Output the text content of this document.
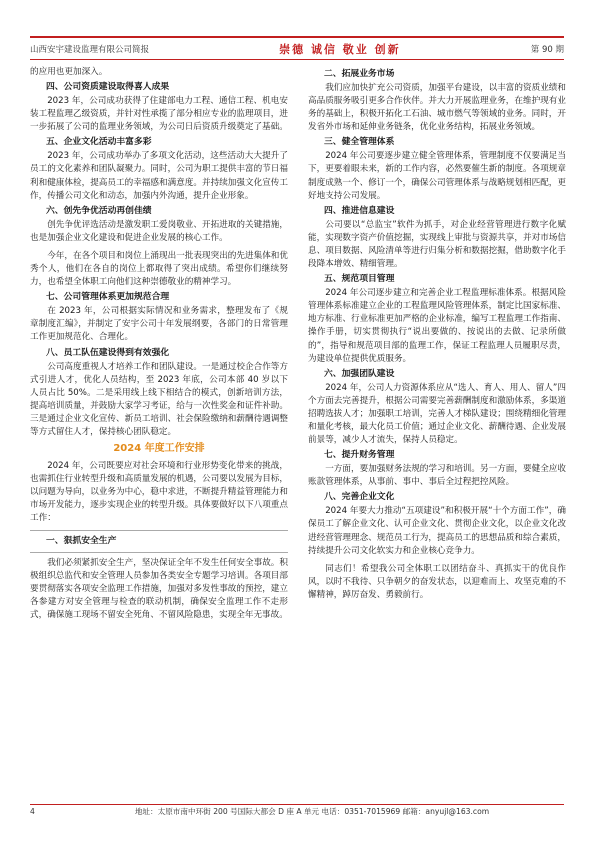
山西安宇建设监理有限公司简报	崇德 诚信 敬业 创新	第 90 期

的应用也更加深入。

四、公司资质建设取得喜人成果

2023 年，公司成功获得了住建部电力工程、通信工程、机电安装工程监理乙级资质，并针对性承揽了部分相应专业的监理项目，进一步拓展了公司的监理业务领域，为公司日后资质升级奠定了基础。

五、企业文化活动丰富多彩

2023 年，公司成功举办了多项文化活动，这些活动大大提升了员工的文化素养和团队凝聚力。同时，公司为职工提供丰富的节日福利和健康体检，提高员工的幸福感和满意度。并持续加强文化宣传工作，传播公司文化和动态，加强内外沟通，提升企业形象。

六、创先争优活动再创佳绩

创先争优评选活动是激发职工爱岗敬业、开拓进取的关键措施，也是加强企业文化建设和促进企业发展的核心工作。

今年，在各个项目和岗位上涌现出一批表现突出的先进集体和优秀个人，他们在各自的岗位上都取得了突出成绩。希望你们继续努力，也希望全体职工向他们这种崇德敬业的精神学习。

七、公司管理体系更加规范合理

在 2023 年，公司根据实际情况和业务需求，整理发布了《规章制度汇编》，并制定了安宇公司十年发展纲要，各部门的日常管理工作更加规范化、合理化。

八、员工队伍建设得到有效强化

公司高度重视人才培养工作和团队建设。一是通过校企合作等方式引进人才，优化人员结构，至 2023 年底，公司本部 40 岁以下人员占比 50%。二是采用线上线下相结合的模式，创新培训方法，提高培训质量，并鼓励大家学习考证，给与一次性奖金和证件补助。三是通过企业文化宣传、新员工培训、社会保险缴纳和薪酬待遇调整等方式留住人才，保持核心团队稳定。

2024 年度工作安排

2024 年，公司既要应对社会环境和行业形势变化带来的挑战，也需抓住行业转型升级和高质量发展的机遇，公司要以发展为目标，以问题为导向，以业务为中心，稳中求进，不断提升精益管理能力和市场开发能力，逐步实现企业的转型升级。具体要做好以下八项重点工作：

一、狠抓安全生产

我们必须紧抓安全生产，坚决保证全年不发生任何安全事故。积极组织总监代和安全管理人员参加各类安全专题学习培训。各项目部要贯彻落实各项安全监理工作措施，加强对多发性事故的预控，建立各参建方对安全管理与检查的联动机制，确保安全监理工作不走形式，确保施工现场不留安全死角、不留风险隐患，实现全年无事故。

二、拓展业务市场

我们应加快扩充公司资质，加强平台建设，以丰富的资质业绩和高品质服务吸引更多合作伙伴。并大力开展监理业务，在维护现有业务的基础上，积极开拓化工石油、城市燃气等领域的业务。同时，开发省外市场和延伸业务链条，优化业务结构，拓展业务领域。

三、健全管理体系

2024 年公司要逐步建立健全管理体系，管理制度不仅要满足当下，更要着眼未来，新的工作内容，必然要催生新的制度。各项规章制度成熟一个、修订一个，确保公司管理体系与战略规划相匹配，更好地支持公司发展。

四、推进信息建设

公司要以“总监宝”软件为抓手，对企业经营管理进行数字化赋能，实现数字资产价值挖掘，实现线上审批与资源共享，并对市场信息、项目数据、风险清单等进行归集分析和数据挖掘，借助数字化手段降本增效、精细管理。

五、规范项目管理

2024 年公司逐步建立和完善企业工程监理标准体系。根据风险管理体系标准建立企业的工程监理风险管理体系，制定比国家标准、地方标准、行业标准更加严格的企业标准，编写工程监理工作指南、操作手册，切实贯彻执行“说出要做的、按说出的去做、记录所做的”，指导和规范项目部的监理工作，保证工程监理人员履职尽责，为建设单位提供优质服务。

六、加强团队建设

2024 年，公司人力资源体系应从“选人、育人、用人、留人”四个方面去完善提升，根据公司需要完善薪酬制度和激励体系，多渠道招聘选拔人才；加强职工培训，完善人才梯队建设；围绕精细化管理和量化考核，最大化员工价值；通过企业文化、薪酬待遇、企业发展前景等，减少人才流失，保持人员稳定。

七、提升财务管理

一方面，要加强财务法规的学习和培训。另一方面，要健全应收账款管理体系，从事前、事中、事后全过程把控风险。

八、完善企业文化

2024 年要大力推动“五项建设”和积极开展“十个方面工作”，确保员工了解企业文化、认可企业文化、贯彻企业文化，以企业文化改进经营管理理念、规范员工行为，提高员工的思想品质和综合素质，持续提升公司文化软实力和企业核心竞争力。

同志们！希望我公司全体职工以团结奋斗、真抓实干的优良作风，以时不我待、只争朝夕的奋发状态，以迎难而上、攻坚克难的不懈精神，踔厉奋发、勇毅前行。

4	地址：太原市南中环街 200 号国际大都会 D 座 A 单元 电话：0351-7015969 邮箱：anyujl@163.com
